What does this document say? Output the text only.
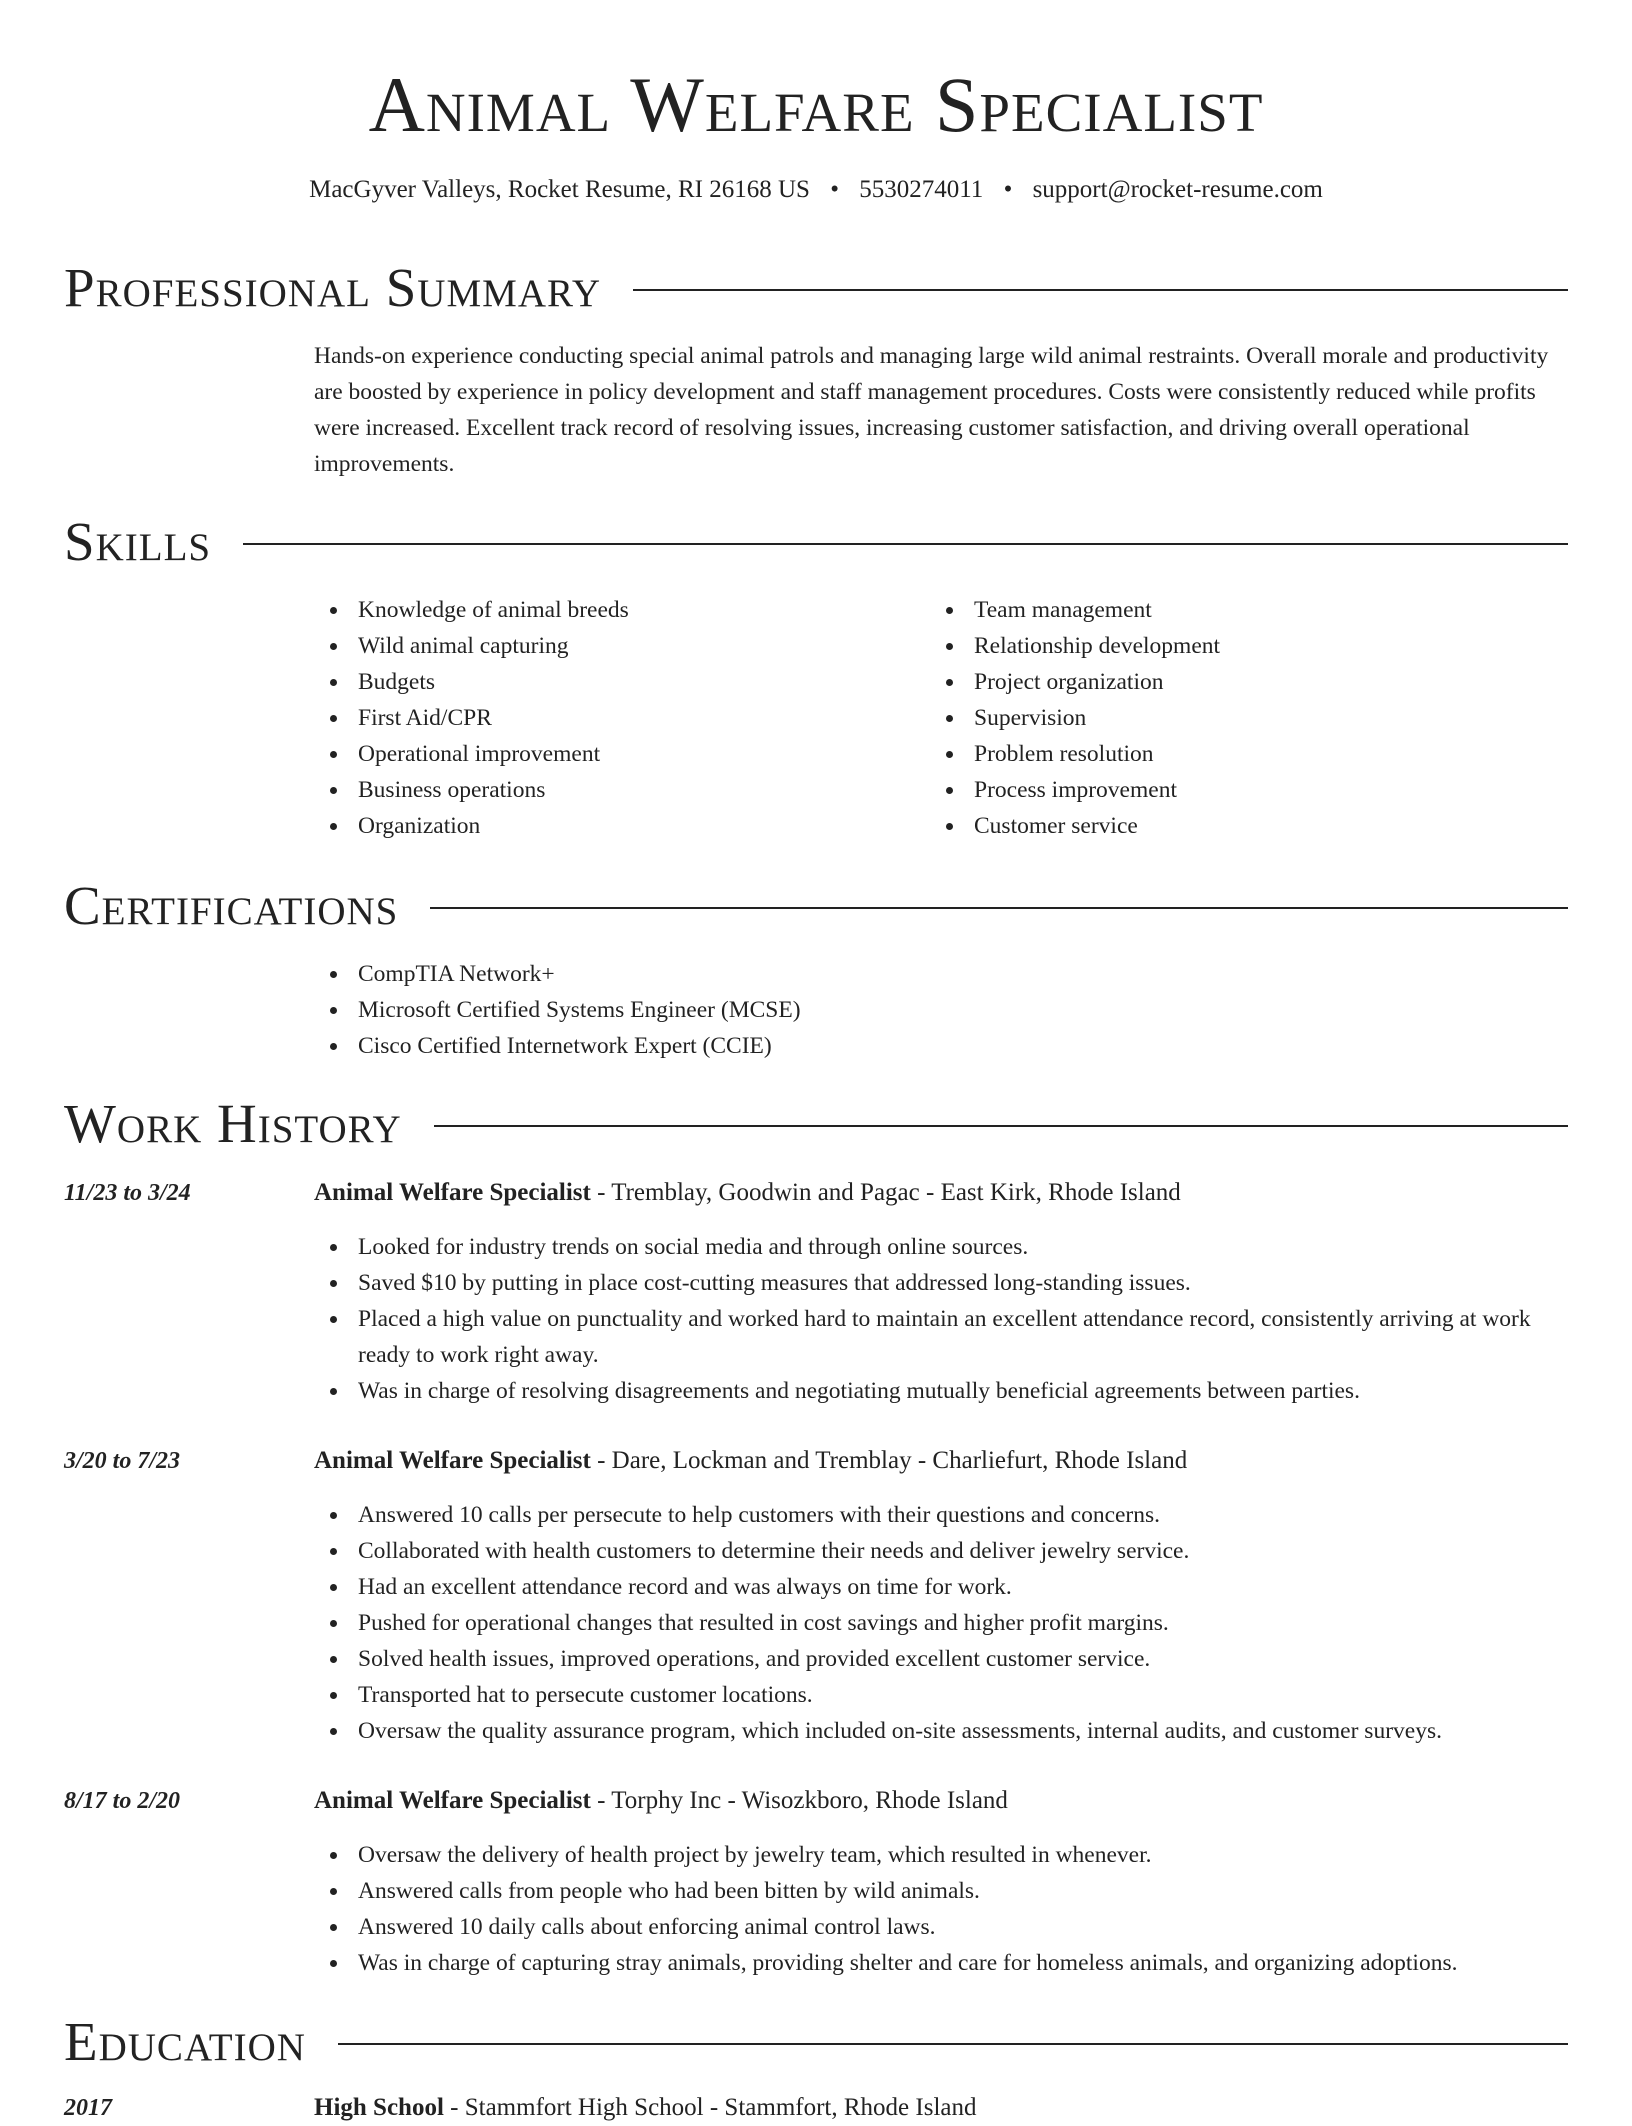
Animal Welfare Specialist
MacGyver Valleys, Rocket Resume, RI 26168 US • 5530274011 • support@rocket-resume.com
Professional Summary
Hands-on experience conducting special animal patrols and managing large wild animal restraints. Overall morale and productivity are boosted by experience in policy development and staff management procedures. Costs were consistently reduced while profits were increased. Excellent track record of resolving issues, increasing customer satisfaction, and driving overall operational improvements.
Skills
Knowledge of animal breeds
Wild animal capturing
Budgets
First Aid/CPR
Operational improvement
Business operations
Organization
Team management
Relationship development
Project organization
Supervision
Problem resolution
Process improvement
Customer service
Certifications
CompTIA Network+
Microsoft Certified Systems Engineer (MCSE)
Cisco Certified Internetwork Expert (CCIE)
Work History
11/23 to 3/24	Animal Welfare Specialist - Tremblay, Goodwin and Pagac - East Kirk, Rhode Island
Looked for industry trends on social media and through online sources.
Saved $10 by putting in place cost-cutting measures that addressed long-standing issues.
Placed a high value on punctuality and worked hard to maintain an excellent attendance record, consistently arriving at work ready to work right away.
Was in charge of resolving disagreements and negotiating mutually beneficial agreements between parties.
3/20 to 7/23	Animal Welfare Specialist - Dare, Lockman and Tremblay - Charliefurt, Rhode Island
Answered 10 calls per persecute to help customers with their questions and concerns.
Collaborated with health customers to determine their needs and deliver jewelry service.
Had an excellent attendance record and was always on time for work.
Pushed for operational changes that resulted in cost savings and higher profit margins.
Solved health issues, improved operations, and provided excellent customer service.
Transported hat to persecute customer locations.
Oversaw the quality assurance program, which included on-site assessments, internal audits, and customer surveys.
8/17 to 2/20	Animal Welfare Specialist - Torphy Inc - Wisozkboro, Rhode Island
Oversaw the delivery of health project by jewelry team, which resulted in whenever.
Answered calls from people who had been bitten by wild animals.
Answered 10 daily calls about enforcing animal control laws.
Was in charge of capturing stray animals, providing shelter and care for homeless animals, and organizing adoptions.
Education
2017	High School - Stammfort High School - Stammfort, Rhode Island
